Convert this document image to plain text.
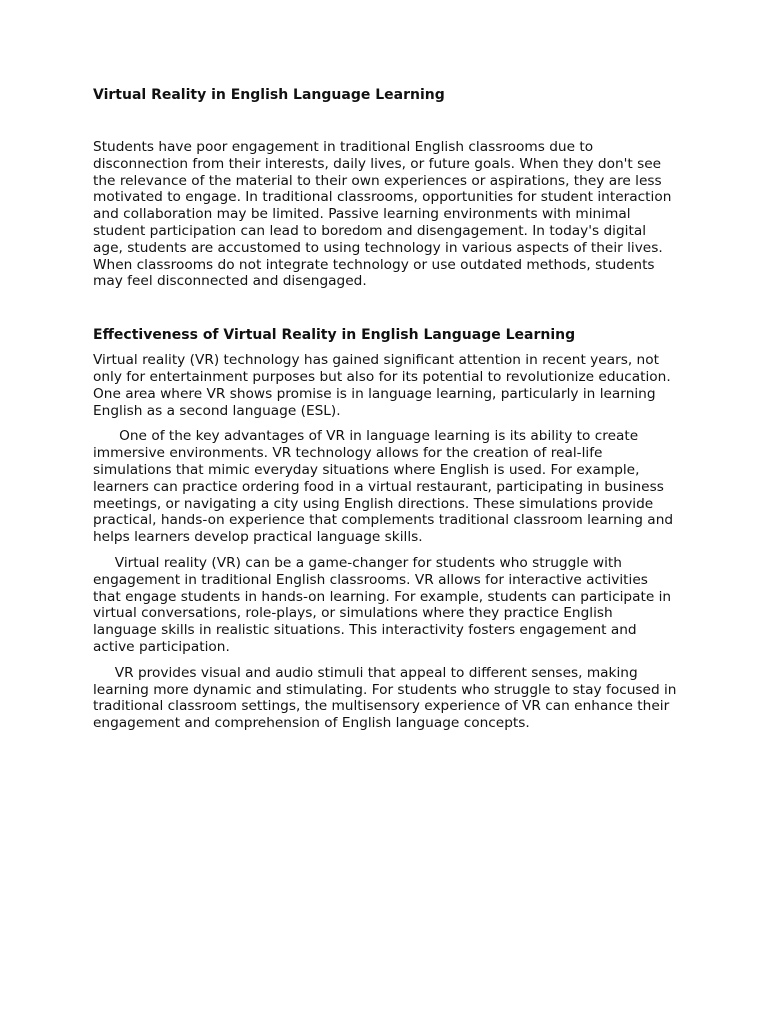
Virtual Reality in English Language Learning

Students have poor engagement in traditional English classrooms due to disconnection from their interests, daily lives, or future goals. When they don't see the relevance of the material to their own experiences or aspirations, they are less motivated to engage. In traditional classrooms, opportunities for student interaction and collaboration may be limited. Passive learning environments with minimal student participation can lead to boredom and disengagement. In today's digital age, students are accustomed to using technology in various aspects of their lives. When classrooms do not integrate technology or use outdated methods, students may feel disconnected and disengaged.

Effectiveness of Virtual Reality in English Language Learning

Virtual reality (VR) technology has gained significant attention in recent years, not only for entertainment purposes but also for its potential to revolutionize education. One area where VR shows promise is in language learning, particularly in learning English as a second language (ESL).

One of the key advantages of VR in language learning is its ability to create immersive environments. VR technology allows for the creation of real-life simulations that mimic everyday situations where English is used. For example, learners can practice ordering food in a virtual restaurant, participating in business meetings, or navigating a city using English directions. These simulations provide practical, hands-on experience that complements traditional classroom learning and helps learners develop practical language skills.

Virtual reality (VR) can be a game-changer for students who struggle with engagement in traditional English classrooms. VR allows for interactive activities that engage students in hands-on learning. For example, students can participate in virtual conversations, role-plays, or simulations where they practice English language skills in realistic situations. This interactivity fosters engagement and active participation.

VR provides visual and audio stimuli that appeal to different senses, making learning more dynamic and stimulating. For students who struggle to stay focused in traditional classroom settings, the multisensory experience of VR can enhance their engagement and comprehension of English language concepts.
